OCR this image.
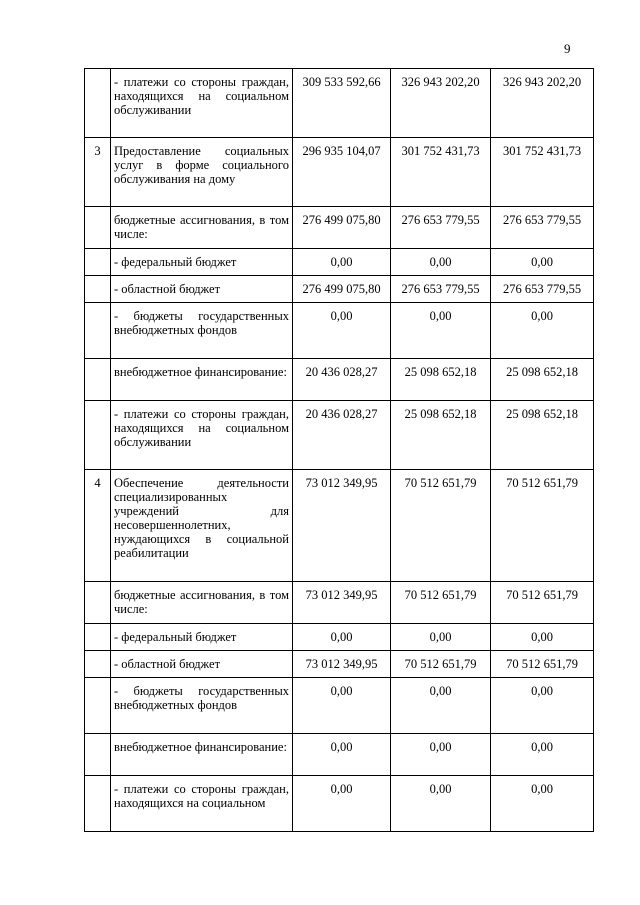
9
	- платежи со стороны граждан, находящихся на социальном обслуживании	309 533 592,66	326 943 202,20	326 943 202,20
3	Предоставление социальных услуг в форме социального обслуживания на дому	296 935 104,07	301 752 431,73	301 752 431,73
	бюджетные ассигнования, в том числе:	276 499 075,80	276 653 779,55	276 653 779,55
	- федеральный бюджет	0,00	0,00	0,00
	- областной бюджет	276 499 075,80	276 653 779,55	276 653 779,55
	- бюджеты государственных внебюджетных фондов	0,00	0,00	0,00
	внебюджетное финансирование:	20 436 028,27	25 098 652,18	25 098 652,18
	- платежи со стороны граждан, находящихся на социальном обслуживании	20 436 028,27	25 098 652,18	25 098 652,18
4	Обеспечение деятельности специализированных учреждений для несовершеннолетних, нуждающихся в социальной реабилитации	73 012 349,95	70 512 651,79	70 512 651,79
	бюджетные ассигнования, в том числе:	73 012 349,95	70 512 651,79	70 512 651,79
	- федеральный бюджет	0,00	0,00	0,00
	- областной бюджет	73 012 349,95	70 512 651,79	70 512 651,79
	- бюджеты государственных внебюджетных фондов	0,00	0,00	0,00
	внебюджетное финансирование:	0,00	0,00	0,00
	- платежи со стороны граждан, находящихся на социальном	0,00	0,00	0,00
